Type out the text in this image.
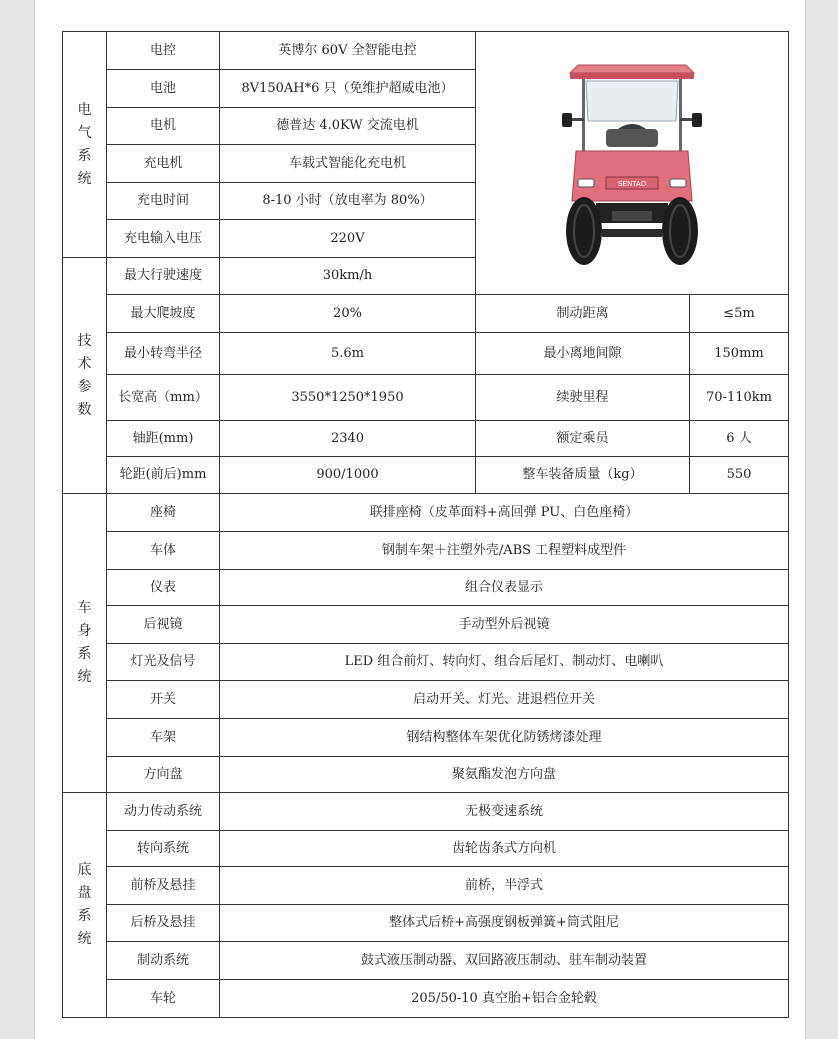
电
气
系
统	电控	英博尔 60V 全智能电控	SENTAO	

	电池	8V150AH*6 只（免维护超威电池）		
	电机	德普达 4.0KW 交流电机		
	充电机	车载式智能化充电机		
	充电时间	8-10 小时（放电率为 80%）		
	充电输入电压	220V		

技
术
参
数	最大行驶速度	30km/h		
	最大爬坡度	20%	制动距离	≤5m
	最小转弯半径	5.6m	最小离地间隙	150mm
	长宽高（mm）	3550*1250*1950	续驶里程	70-110km
	轴距(mm)	2340	额定乘员	6 人
	轮距(前后)mm	900/1000	整车装备质量（kg）	550

车
身
系
统	座椅	联排座椅（皮革面料+高回弹 PU、白色座椅）		
	车体	钢制车架＋注塑外壳/ABS 工程塑料成型件		
	仪表	组合仪表显示		
	后视镜	手动型外后视镜		
	灯光及信号	LED 组合前灯、转向灯、组合后尾灯、制动灯、电喇叭		
	开关	启动开关、灯光、进退档位开关		
	车架	钢结构整体车架优化防锈烤漆处理		
	方向盘	聚氨酯发泡方向盘		

底
盘
系
统	动力传动系统	无极变速系统		
	转向系统	齿轮齿条式方向机		
	前桥及悬挂	前桥，半浮式		
	后桥及悬挂	整体式后桥+高强度钢板弹簧+筒式阻尼		
	制动系统	鼓式液压制动器、双回路液压制动、驻车制动装置		
	车轮	205/50-10 真空胎+铝合金轮毂		
